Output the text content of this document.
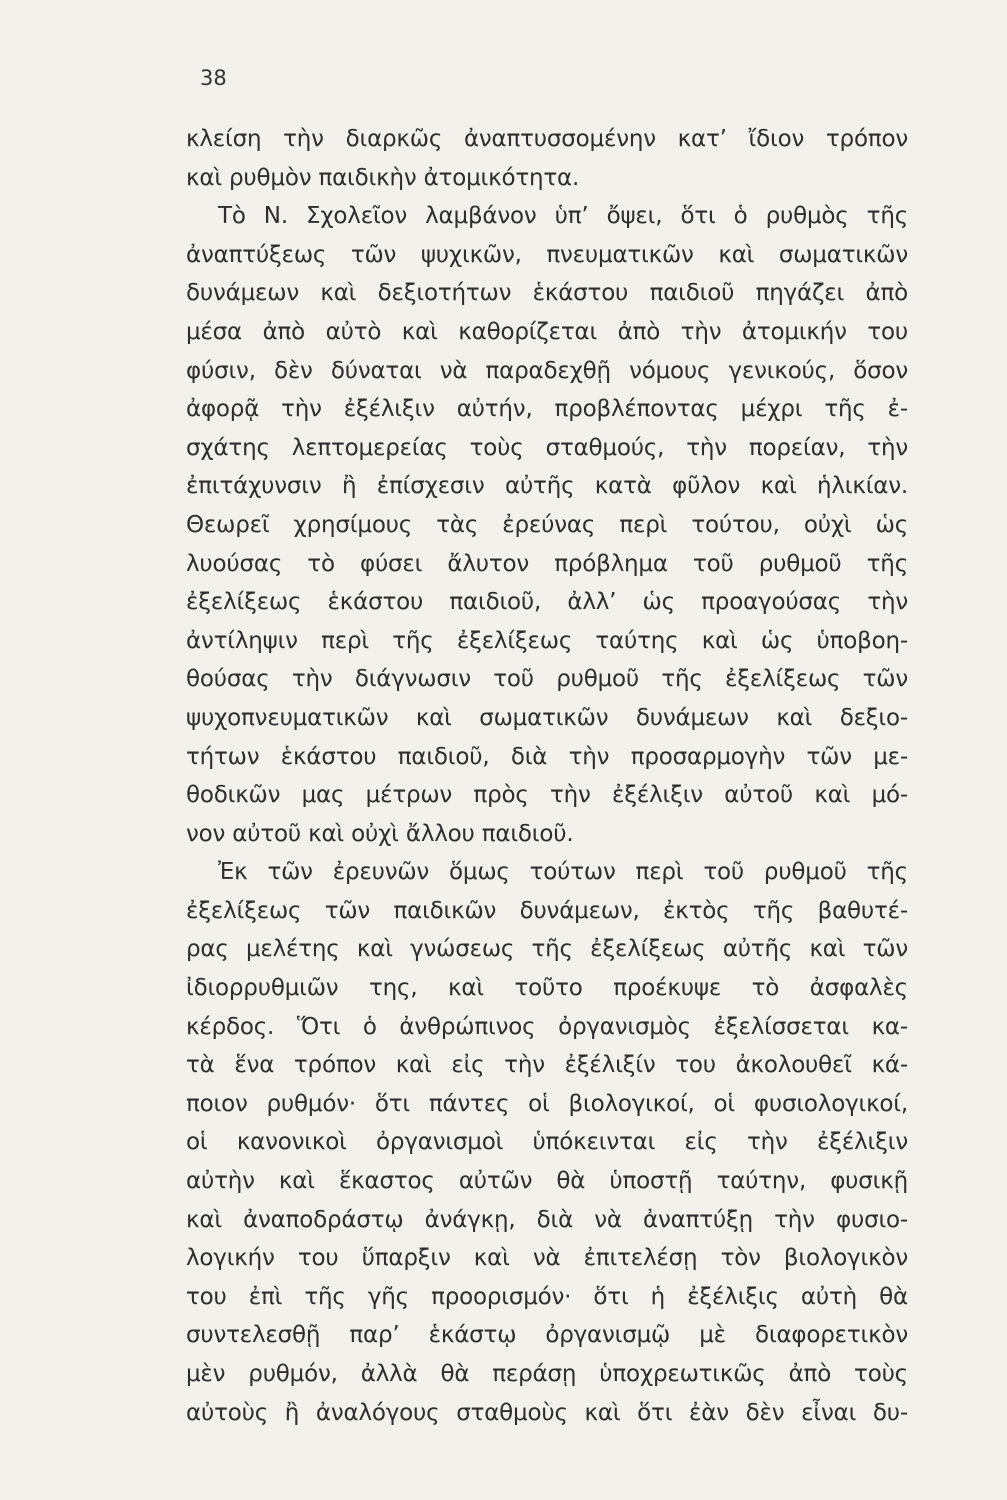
38
κλείση τὴν διαρκῶς ἀναπτυσσομένην κατ’ ἴδιον τρόπον
καὶ ρυθμὸν παιδικὴν ἀτομικότητα.
Τὸ Ν. Σχολεῖον λαμβάνον ὑπ’ ὄψει, ὅτι ὁ ρυθμὸς τῆς
ἀναπτύξεως τῶν ψυχικῶν, πνευματικῶν καὶ σωματικῶν
δυνάμεων καὶ δεξιοτήτων ἑκάστου παιδιοῦ πηγάζει ἀπὸ
μέσα ἀπὸ αὐτὸ καὶ καθορίζεται ἀπὸ τὴν ἀτομικήν του
φύσιν, δὲν δύναται νὰ παραδεχθῇ νόμους γενικούς, ὅσον
ἀφορᾷ τὴν ἐξέλιξιν αὐτήν, προβλέποντας μέχρι τῆς ἐ-
σχάτης λεπτομερείας τοὺς σταθμούς, τὴν πορείαν, τὴν
ἐπιτάχυνσιν ἢ ἐπίσχεσιν αὐτῆς κατὰ φῦλον καὶ ἡλικίαν.
Θεωρεῖ χρησίμους τὰς ἐρεύνας περὶ τούτου, οὐχὶ ὡς
λυούσας τὸ φύσει ἄλυτον πρόβλημα τοῦ ρυθμοῦ τῆς
ἐξελίξεως ἑκάστου παιδιοῦ, ἀλλ’ ὡς προαγούσας τὴν
ἀντίληψιν περὶ τῆς ἐξελίξεως ταύτης καὶ ὡς ὑποβοη-
θούσας τὴν διάγνωσιν τοῦ ρυθμοῦ τῆς ἐξελίξεως τῶν
ψυχοπνευματικῶν καὶ σωματικῶν δυνάμεων καὶ δεξιο-
τήτων ἑκάστου παιδιοῦ, διὰ τὴν προσαρμογὴν τῶν με-
θοδικῶν μας μέτρων πρὸς τὴν ἐξέλιξιν αὐτοῦ καὶ μό-
νον αὐτοῦ καὶ οὐχὶ ἄλλου παιδιοῦ.
Ἐκ τῶν ἐρευνῶν ὅμως τούτων περὶ τοῦ ρυθμοῦ τῆς
ἐξελίξεως τῶν παιδικῶν δυνάμεων, ἐκτὸς τῆς βαθυτέ-
ρας μελέτης καὶ γνώσεως τῆς ἐξελίξεως αὐτῆς καὶ τῶν
ἰδιορρυθμιῶν της, καὶ τοῦτο προέκυψε τὸ ἀσφαλὲς
κέρδος. Ὅτι ὁ ἀνθρώπινος ὀργανισμὸς ἐξελίσσεται κα-
τὰ ἕνα τρόπον καὶ εἰς τὴν ἐξέλιξίν του ἀκολουθεῖ κά-
ποιον ρυθμόν· ὅτι πάντες οἱ βιολογικοί, οἱ φυσιολογικοί,
οἱ κανονικοὶ ὀργανισμοὶ ὑπόκεινται εἰς τὴν ἐξέλιξιν
αὐτὴν καὶ ἕκαστος αὐτῶν θὰ ὑποστῇ ταύτην, φυσικῇ
καὶ ἀναποδράστῳ ἀνάγκῃ, διὰ νὰ ἀναπτύξῃ τὴν φυσιο-
λογικήν του ὕπαρξιν καὶ νὰ ἐπιτελέσῃ τὸν βιολογικὸν
του ἐπὶ τῆς γῆς προορισμόν· ὅτι ἡ ἐξέλιξις αὐτὴ θὰ
συντελεσθῇ παρ’ ἑκάστῳ ὀργανισμῷ μὲ διαφορετικὸν
μὲν ρυθμόν, ἀλλὰ θὰ περάσῃ ὑποχρεωτικῶς ἀπὸ τοὺς
αὐτοὺς ἢ ἀναλόγους σταθμοὺς καὶ ὅτι ἐὰν δὲν εἶναι δυ-
